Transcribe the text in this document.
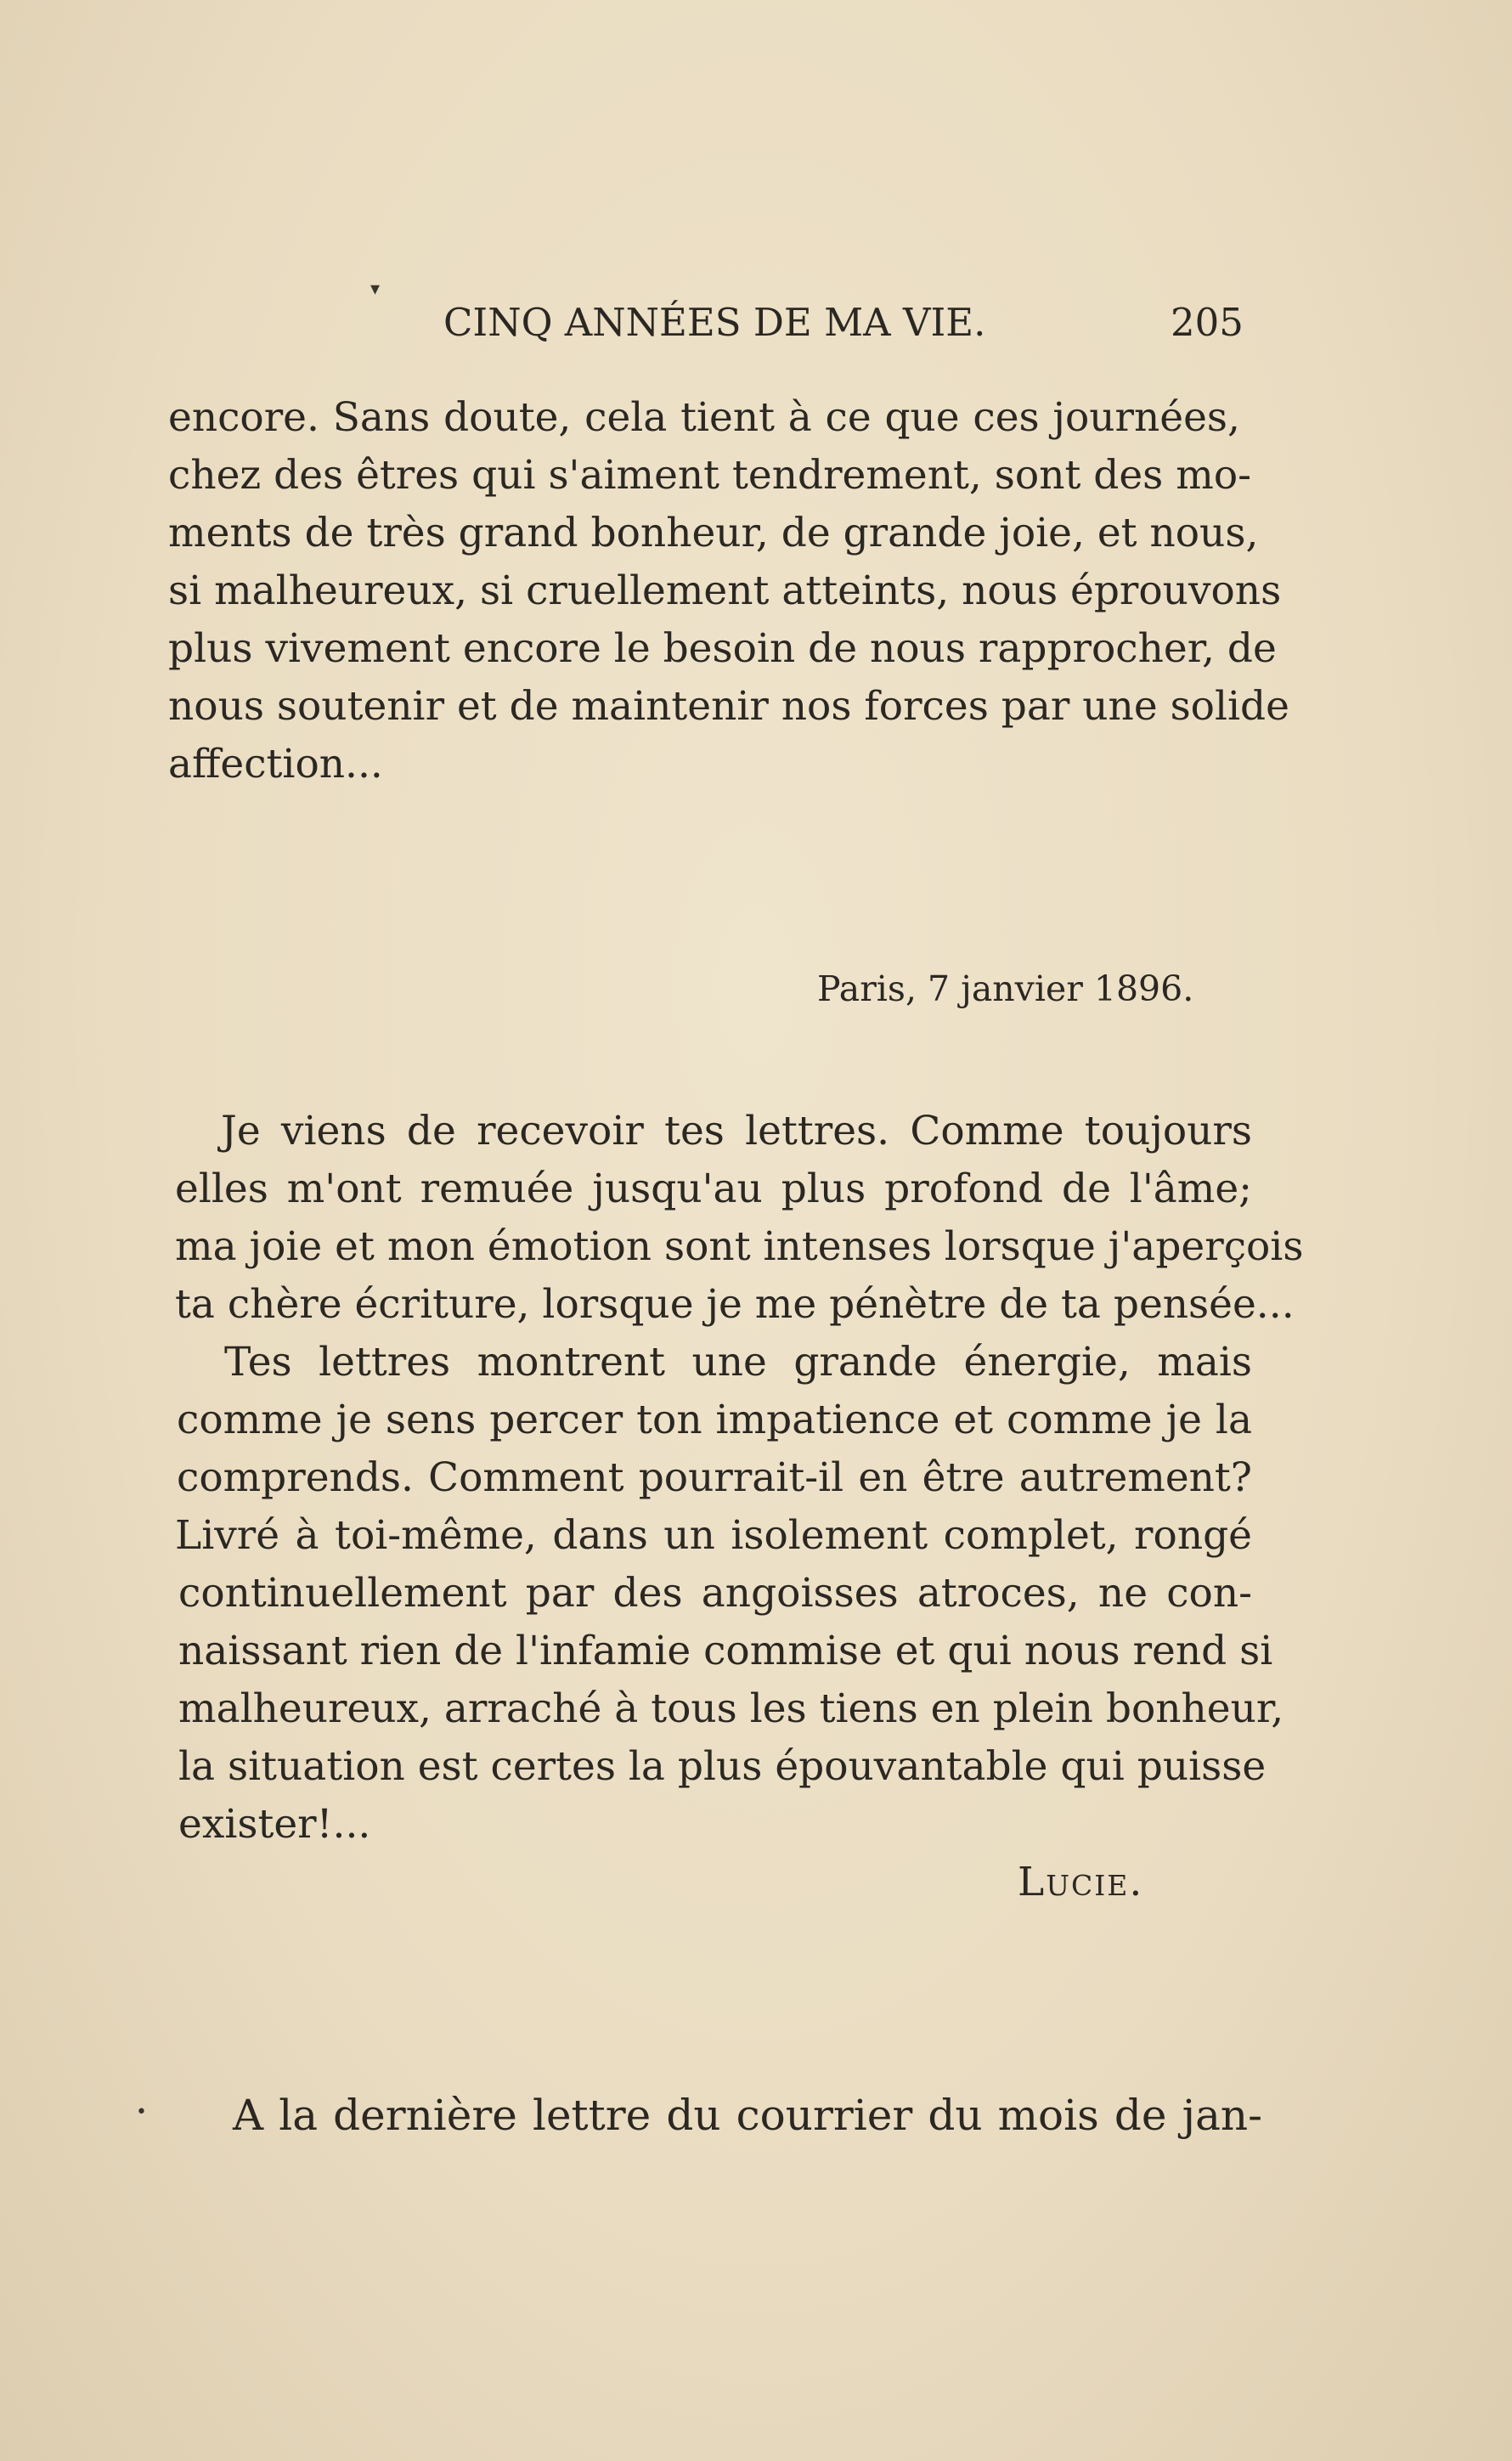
▾
CINQ ANNÉES DE MA VIE.	205
encore. Sans doute, cela tient à ce que ces journées,
chez des êtres qui s'aiment tendrement, sont des mo-
ments de très grand bonheur, de grande joie, et nous,
si malheureux, si cruellement atteints, nous éprouvons
plus vivement encore le besoin de nous rapprocher, de
nous soutenir et de maintenir nos forces par une solide
affection...
Paris, 7 janvier 1896.
Je viens de recevoir tes lettres. Comme toujours
elles m'ont remuée jusqu'au plus profond de l'âme;
ma joie et mon émotion sont intenses lorsque j'aperçois
ta chère écriture, lorsque je me pénètre de ta pensée...
Tes lettres montrent une grande énergie, mais
comme je sens percer ton impatience et comme je la
comprends. Comment pourrait-il en être autrement?
Livré à toi-même, dans un isolement complet, rongé
continuellement par des angoisses atroces, ne con-
naissant rien de l'infamie commise et qui nous rend si
malheureux, arraché à tous les tiens en plein bonheur,
la situation est certes la plus épouvantable qui puisse
exister!...
Lucie.
A la dernière lettre du courrier du mois de jan-
•
